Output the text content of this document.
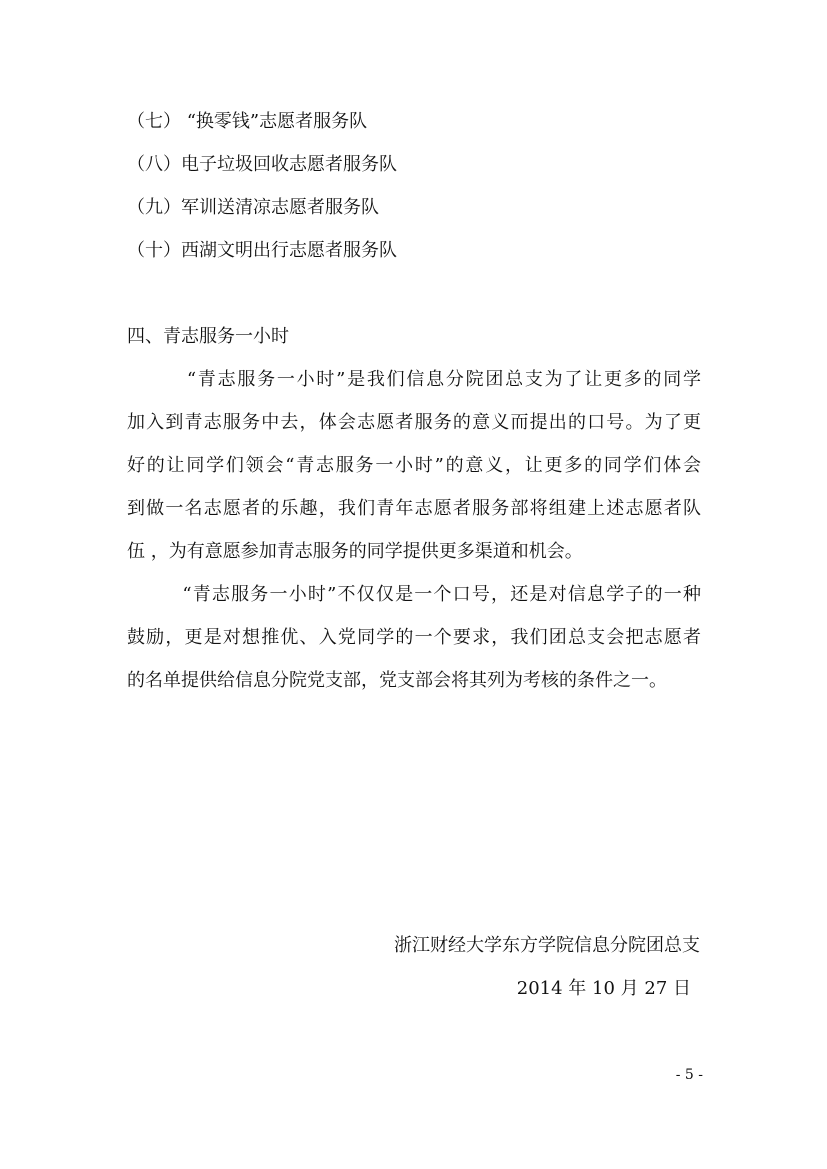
（七） “换零钱”志愿者服务队
（八）电子垃圾回收志愿者服务队
（九）军训送清凉志愿者服务队
（十）西湖文明出行志愿者服务队
四、青志服务一小时
“青志服务一小时”是我们信息分院团总支为了让更多的同学
加入到青志服务中去，体会志愿者服务的意义而提出的口号。为了更
好的让同学们领会“青志服务一小时”的意义，让更多的同学们体会
到做一名志愿者的乐趣，我们青年志愿者服务部将组建上述志愿者队
伍 ，为有意愿参加青志服务的同学提供更多渠道和机会。
“青志服务一小时”不仅仅是一个口号，还是对信息学子的一种
鼓励，更是对想推优、入党同学的一个要求，我们团总支会把志愿者
的名单提供给信息分院党支部，党支部会将其列为考核的条件之一。
浙江财经大学东方学院信息分院团总支
2014 年 10 月 27 日
- 5 -
